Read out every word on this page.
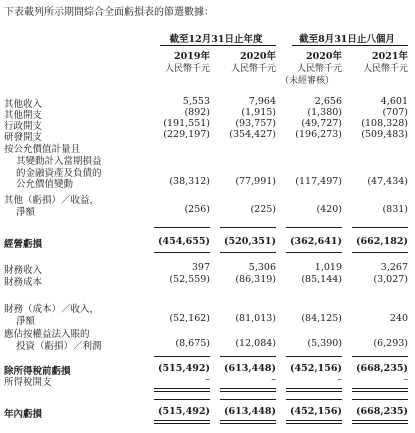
下表載列所示期間綜合全面虧損表的節選數據：
截至12月31日止年度	截至8月31日止八個月
2019年	2020年	2020年	2021年
人民幣千元	人民幣千元	人民幣千元	人民幣千元
（未經審核）
其他收入	5,553	7,964	2,656	4,601
其他開支	(892)	(1,915)	(1,380)	(707)
行政開支	(191,551)	(93,757)	(49,727)	(108,328)
研發開支	(229,197)	(354,427)	(196,273)	(509,483)
按公允價值計量且
其變動計入當期損益
的金融資產及負債的
公允價值變動	(38,312)	(77,991)	(117,497)	(47,434)
其他（虧損）／收益，
淨額	(256)	(225)	(420)	(831)
經營虧損	(454,655)	(520,351)	(362,641)	(662,182)
財務收入	397	5,306	1,019	3,267
財務成本	(52,559)	(86,319)	(85,144)	(3,027)
財務（成本）／收入，
淨額	(52,162)	(81,013)	(84,125)	240
應佔按權益法入賬的
投資（虧損）／利潤	(8,675)	(12,084)	(5,390)	(6,293)
除所得稅前虧損	(515,492)	(613,448)	(452,156)	(668,235)
所得稅開支	–	–	–	–
年內虧損	(515,492)	(613,448)	(452,156)	(668,235)
